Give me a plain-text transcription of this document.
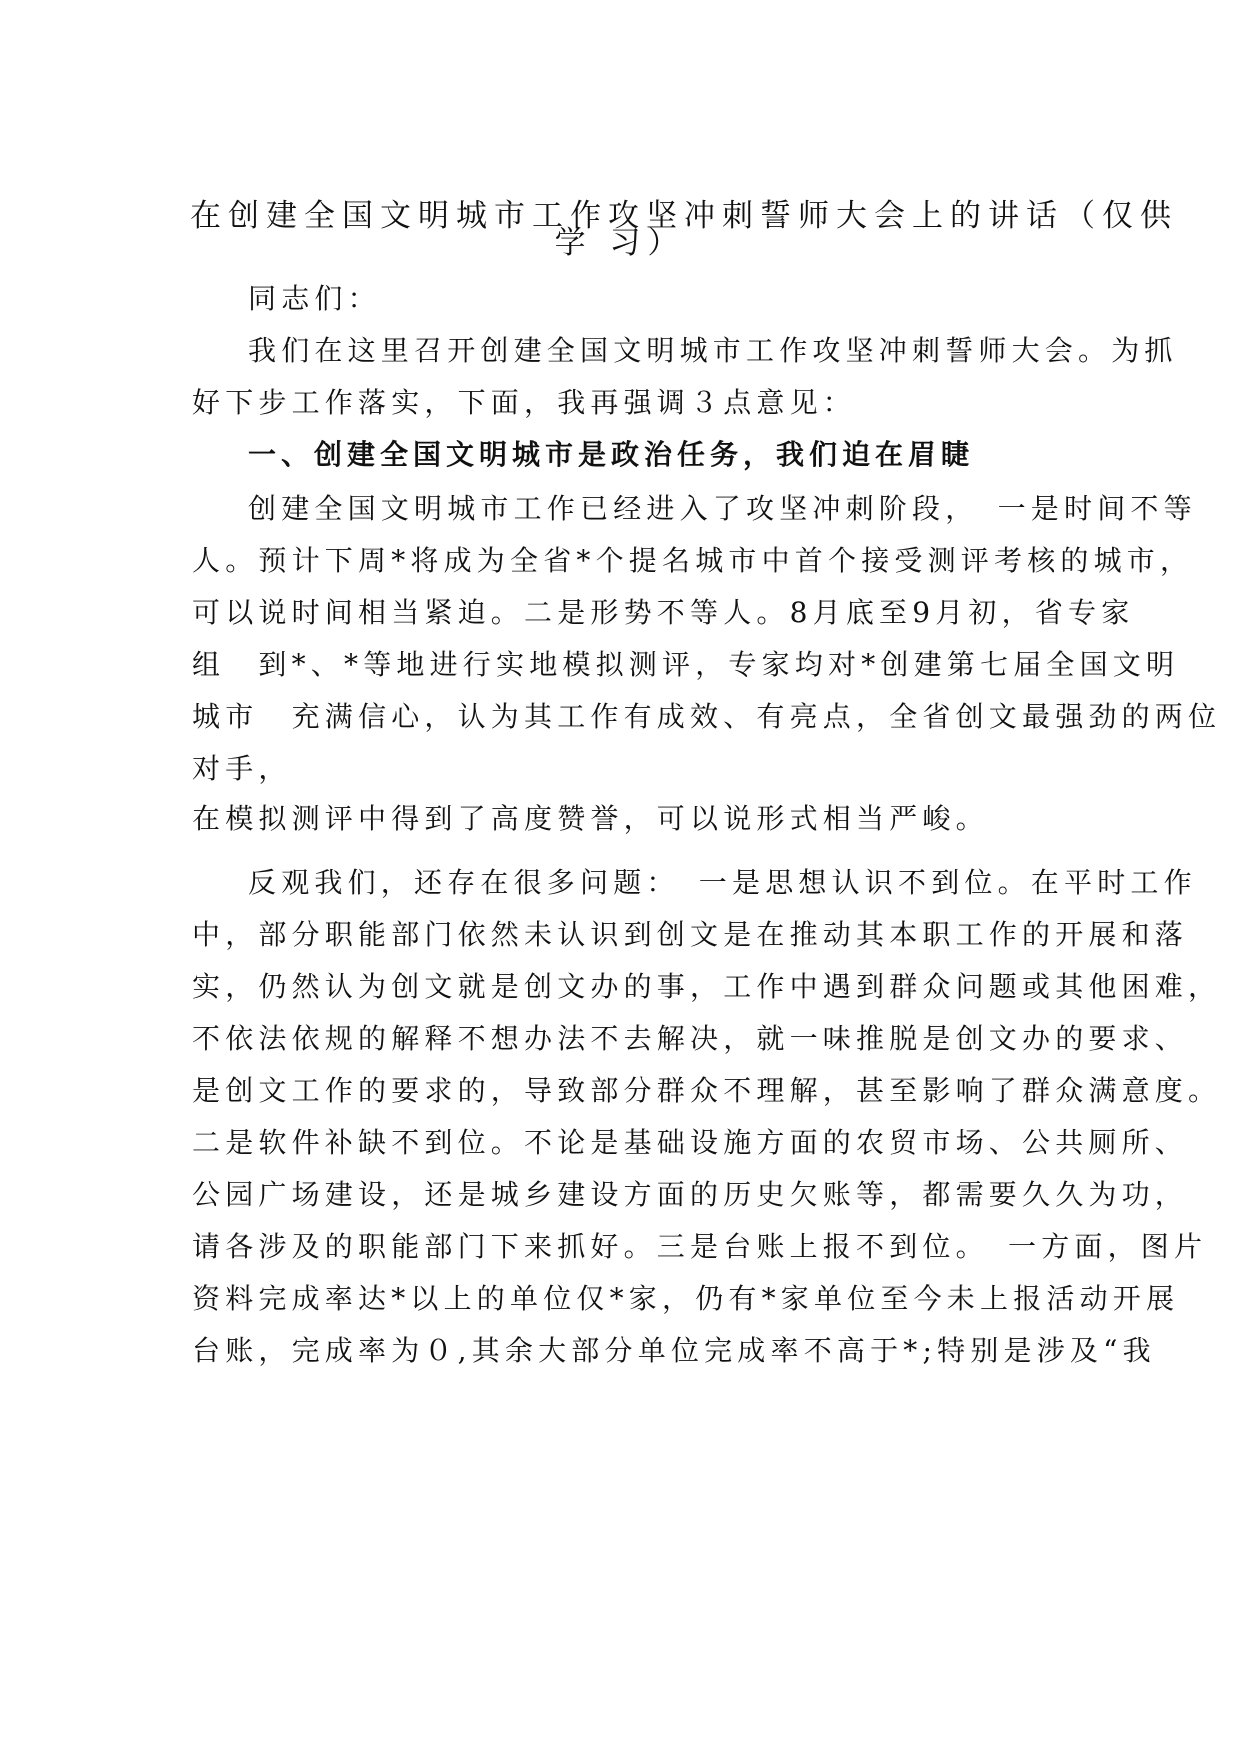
在创建全国文明城市工作攻坚冲刺誓师大会上的讲话（仅供
学 习）
同志们：
我们在这里召开创建全国文明城市工作攻坚冲刺誓师大会。为抓
好下步工作落实，下面，我再强调３点意见：
一、创建全国文明城市是政治任务，我们迫在眉睫
创建全国文明城市工作已经进入了攻坚冲刺阶段，　一是时间不等
人。预计下周*将成为全省*个提名城市中首个接受测评考核的城市，
可以说时间相当紧迫。二是形势不等人。8月底至9月初，省专家
组　到*、*等地进行实地模拟测评，专家均对*创建第七届全国文明
城市　充满信心，认为其工作有成效、有亮点，全省创文最强劲的两位
对手，
在模拟测评中得到了高度赞誉，可以说形式相当严峻。
反观我们，还存在很多问题：　一是思想认识不到位。在平时工作
中，部分职能部门依然未认识到创文是在推动其本职工作的开展和落
实，仍然认为创文就是创文办的事，工作中遇到群众问题或其他困难，
不依法依规的解释不想办法不去解决，就一味推脱是创文办的要求、
是创文工作的要求的，导致部分群众不理解，甚至影响了群众满意度。
二是软件补缺不到位。不论是基础设施方面的农贸市场、公共厕所、
公园广场建设，还是城乡建设方面的历史欠账等，都需要久久为功，
请各涉及的职能部门下来抓好。三是台账上报不到位。　一方面，图片
资料完成率达*以上的单位仅*家，仍有*家单位至今未上报活动开展
台账，完成率为０,其余大部分单位完成率不高于*;特别是涉及“我
